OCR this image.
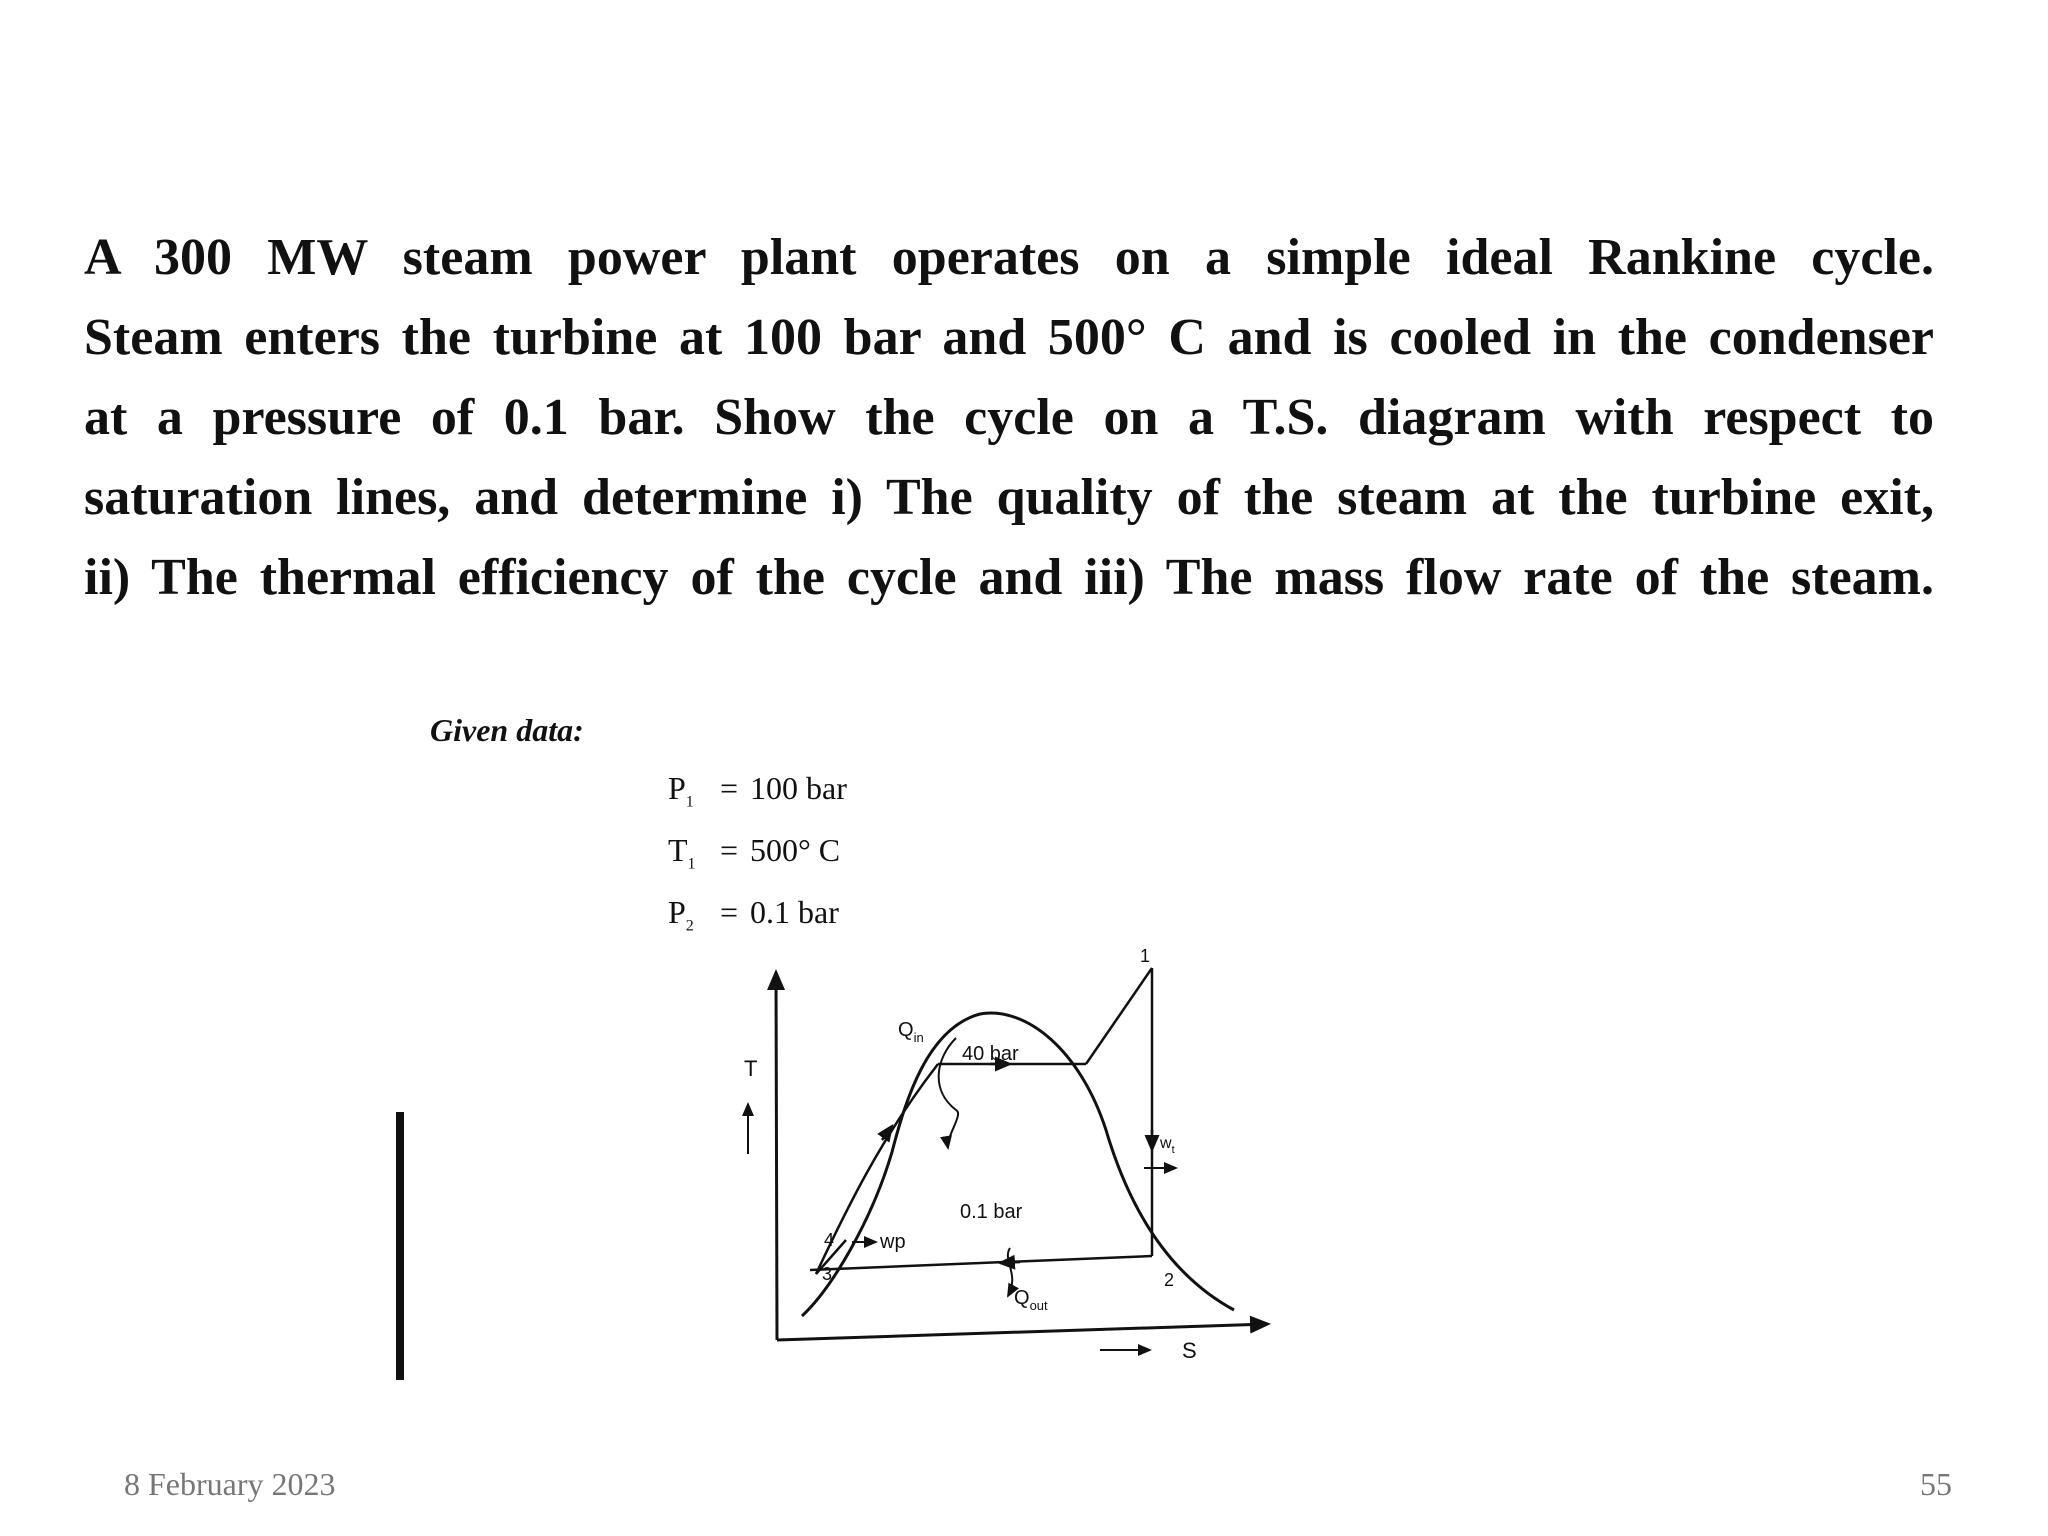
A 300 MW steam power plant operates on a simple ideal Rankine cycle.
Steam enters the turbine at 100 bar and 500° C and is cooled in the condenser
at a pressure of 0.1 bar. Show the cycle on a T.S. diagram with respect to
saturation lines, and determine i) The quality of the steam at the turbine exit,
ii) The thermal efficiency of the cycle and iii) The mass flow rate of the steam.
Given data:
$P_1 = 100$ bar
$T_1 = 500^\circ$ C
$P_2 = 0.1$ bar
T
S
$Q_{in}$
40 bar
0.1 bar
$Q_{out}$
$w_t$
wp
1
2
3
4
8 February 2023	55
